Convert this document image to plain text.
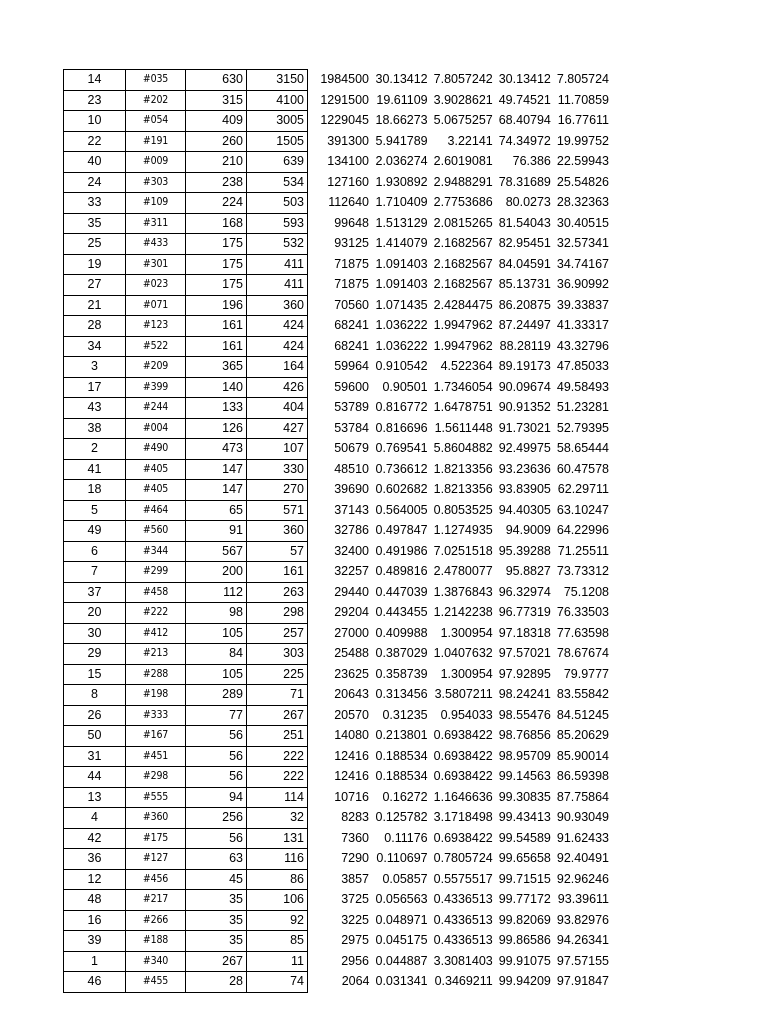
14	#035	630	3150	1984500	30.13412	7.8057242	30.13412	7.805724
23	#202	315	4100	1291500	19.61109	3.9028621	49.74521	11.70859
10	#054	409	3005	1229045	18.66273	5.0675257	68.40794	16.77611
22	#191	260	1505	391300	5.941789	3.22141	74.34972	19.99752
40	#009	210	639	134100	2.036274	2.6019081	76.386	22.59943
24	#303	238	534	127160	1.930892	2.9488291	78.31689	25.54826
33	#109	224	503	112640	1.710409	2.7753686	80.0273	28.32363
35	#311	168	593	99648	1.513129	2.0815265	81.54043	30.40515
25	#433	175	532	93125	1.414079	2.1682567	82.95451	32.57341
19	#301	175	411	71875	1.091403	2.1682567	84.04591	34.74167
27	#023	175	411	71875	1.091403	2.1682567	85.13731	36.90992
21	#071	196	360	70560	1.071435	2.4284475	86.20875	39.33837
28	#123	161	424	68241	1.036222	1.9947962	87.24497	41.33317
34	#522	161	424	68241	1.036222	1.9947962	88.28119	43.32796
3	#209	365	164	59964	0.910542	4.522364	89.19173	47.85033
17	#399	140	426	59600	0.90501	1.7346054	90.09674	49.58493
43	#244	133	404	53789	0.816772	1.6478751	90.91352	51.23281
38	#004	126	427	53784	0.816696	1.5611448	91.73021	52.79395
2	#490	473	107	50679	0.769541	5.8604882	92.49975	58.65444
41	#405	147	330	48510	0.736612	1.8213356	93.23636	60.47578
18	#405	147	270	39690	0.602682	1.8213356	93.83905	62.29711
5	#464	65	571	37143	0.564005	0.8053525	94.40305	63.10247
49	#560	91	360	32786	0.497847	1.1274935	94.9009	64.22996
6	#344	567	57	32400	0.491986	7.0251518	95.39288	71.25511
7	#299	200	161	32257	0.489816	2.4780077	95.8827	73.73312
37	#458	112	263	29440	0.447039	1.3876843	96.32974	75.1208
20	#222	98	298	29204	0.443455	1.2142238	96.77319	76.33503
30	#412	105	257	27000	0.409988	1.300954	97.18318	77.63598
29	#213	84	303	25488	0.387029	1.0407632	97.57021	78.67674
15	#288	105	225	23625	0.358739	1.300954	97.92895	79.9777
8	#198	289	71	20643	0.313456	3.5807211	98.24241	83.55842
26	#333	77	267	20570	0.31235	0.954033	98.55476	84.51245
50	#167	56	251	14080	0.213801	0.6938422	98.76856	85.20629
31	#451	56	222	12416	0.188534	0.6938422	98.95709	85.90014
44	#298	56	222	12416	0.188534	0.6938422	99.14563	86.59398
13	#555	94	114	10716	0.16272	1.1646636	99.30835	87.75864
4	#360	256	32	8283	0.125782	3.1718498	99.43413	90.93049
42	#175	56	131	7360	0.11176	0.6938422	99.54589	91.62433
36	#127	63	116	7290	0.110697	0.7805724	99.65658	92.40491
12	#456	45	86	3857	0.05857	0.5575517	99.71515	92.96246
48	#217	35	106	3725	0.056563	0.4336513	99.77172	93.39611
16	#266	35	92	3225	0.048971	0.4336513	99.82069	93.82976
39	#188	35	85	2975	0.045175	0.4336513	99.86586	94.26341
1	#340	267	11	2956	0.044887	3.3081403	99.91075	97.57155
46	#455	28	74	2064	0.031341	0.3469211	99.94209	97.91847
